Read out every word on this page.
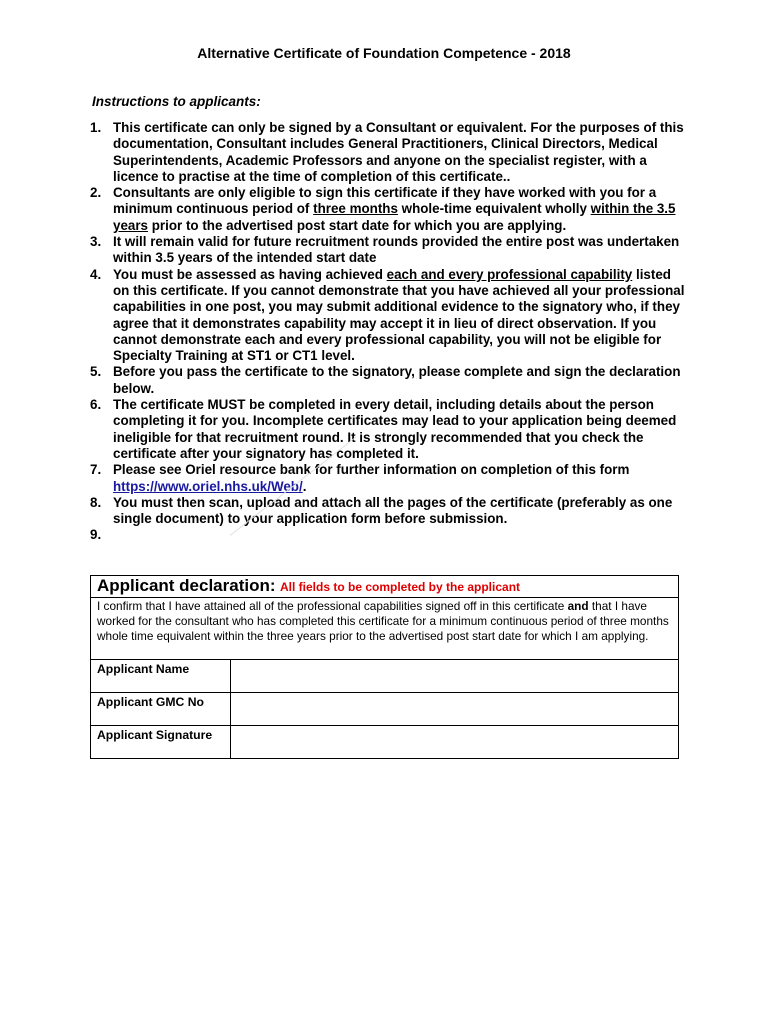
Alternative Certificate of Foundation Competence - 2018
Instructions to applicants:
1. This certificate can only be signed by a Consultant or equivalent. For the purposes of this documentation, Consultant includes General Practitioners, Clinical Directors, Medical Superintendents, Academic Professors and anyone on the specialist register, with a licence to practise at the time of completion of this certificate..
2. Consultants are only eligible to sign this certificate if they have worked with you for a minimum continuous period of three months whole-time equivalent wholly within the 3.5 years prior to the advertised post start date for which you are applying.
3. It will remain valid for future recruitment rounds provided the entire post was undertaken within 3.5 years of the intended start date
4. You must be assessed as having achieved each and every professional capability listed on this certificate. If you cannot demonstrate that you have achieved all your professional capabilities in one post, you may submit additional evidence to the signatory who, if they agree that it demonstrates capability may accept it in lieu of direct observation. If you cannot demonstrate each and every professional capability, you will not be eligible for Specialty Training at ST1 or CT1 level.
5. Before you pass the certificate to the signatory, please complete and sign the declaration below.
6. The certificate MUST be completed in every detail, including details about the person completing it for you. Incomplete certificates may lead to your application being deemed ineligible for that recruitment round. It is strongly recommended that you check the certificate after your signatory has completed it.
7. Please see Oriel resource bank for further information on completion of this form https://www.oriel.nhs.uk/Web/.
8. You must then scan, upload and attach all the pages of the certificate (preferably as one single document) to your application form before submission.
9.

Applicant declaration: All fields to be completed by the applicant	
I confirm that I have attained all of the professional capabilities signed off in this certificate and that I have worked for the consultant who has completed this certificate for a minimum continuous period of three months whole time equivalent within the three years prior to the advertised post start date for which I am applying.	
Applicant Name	
Applicant GMC No	
Applicant Signature	
